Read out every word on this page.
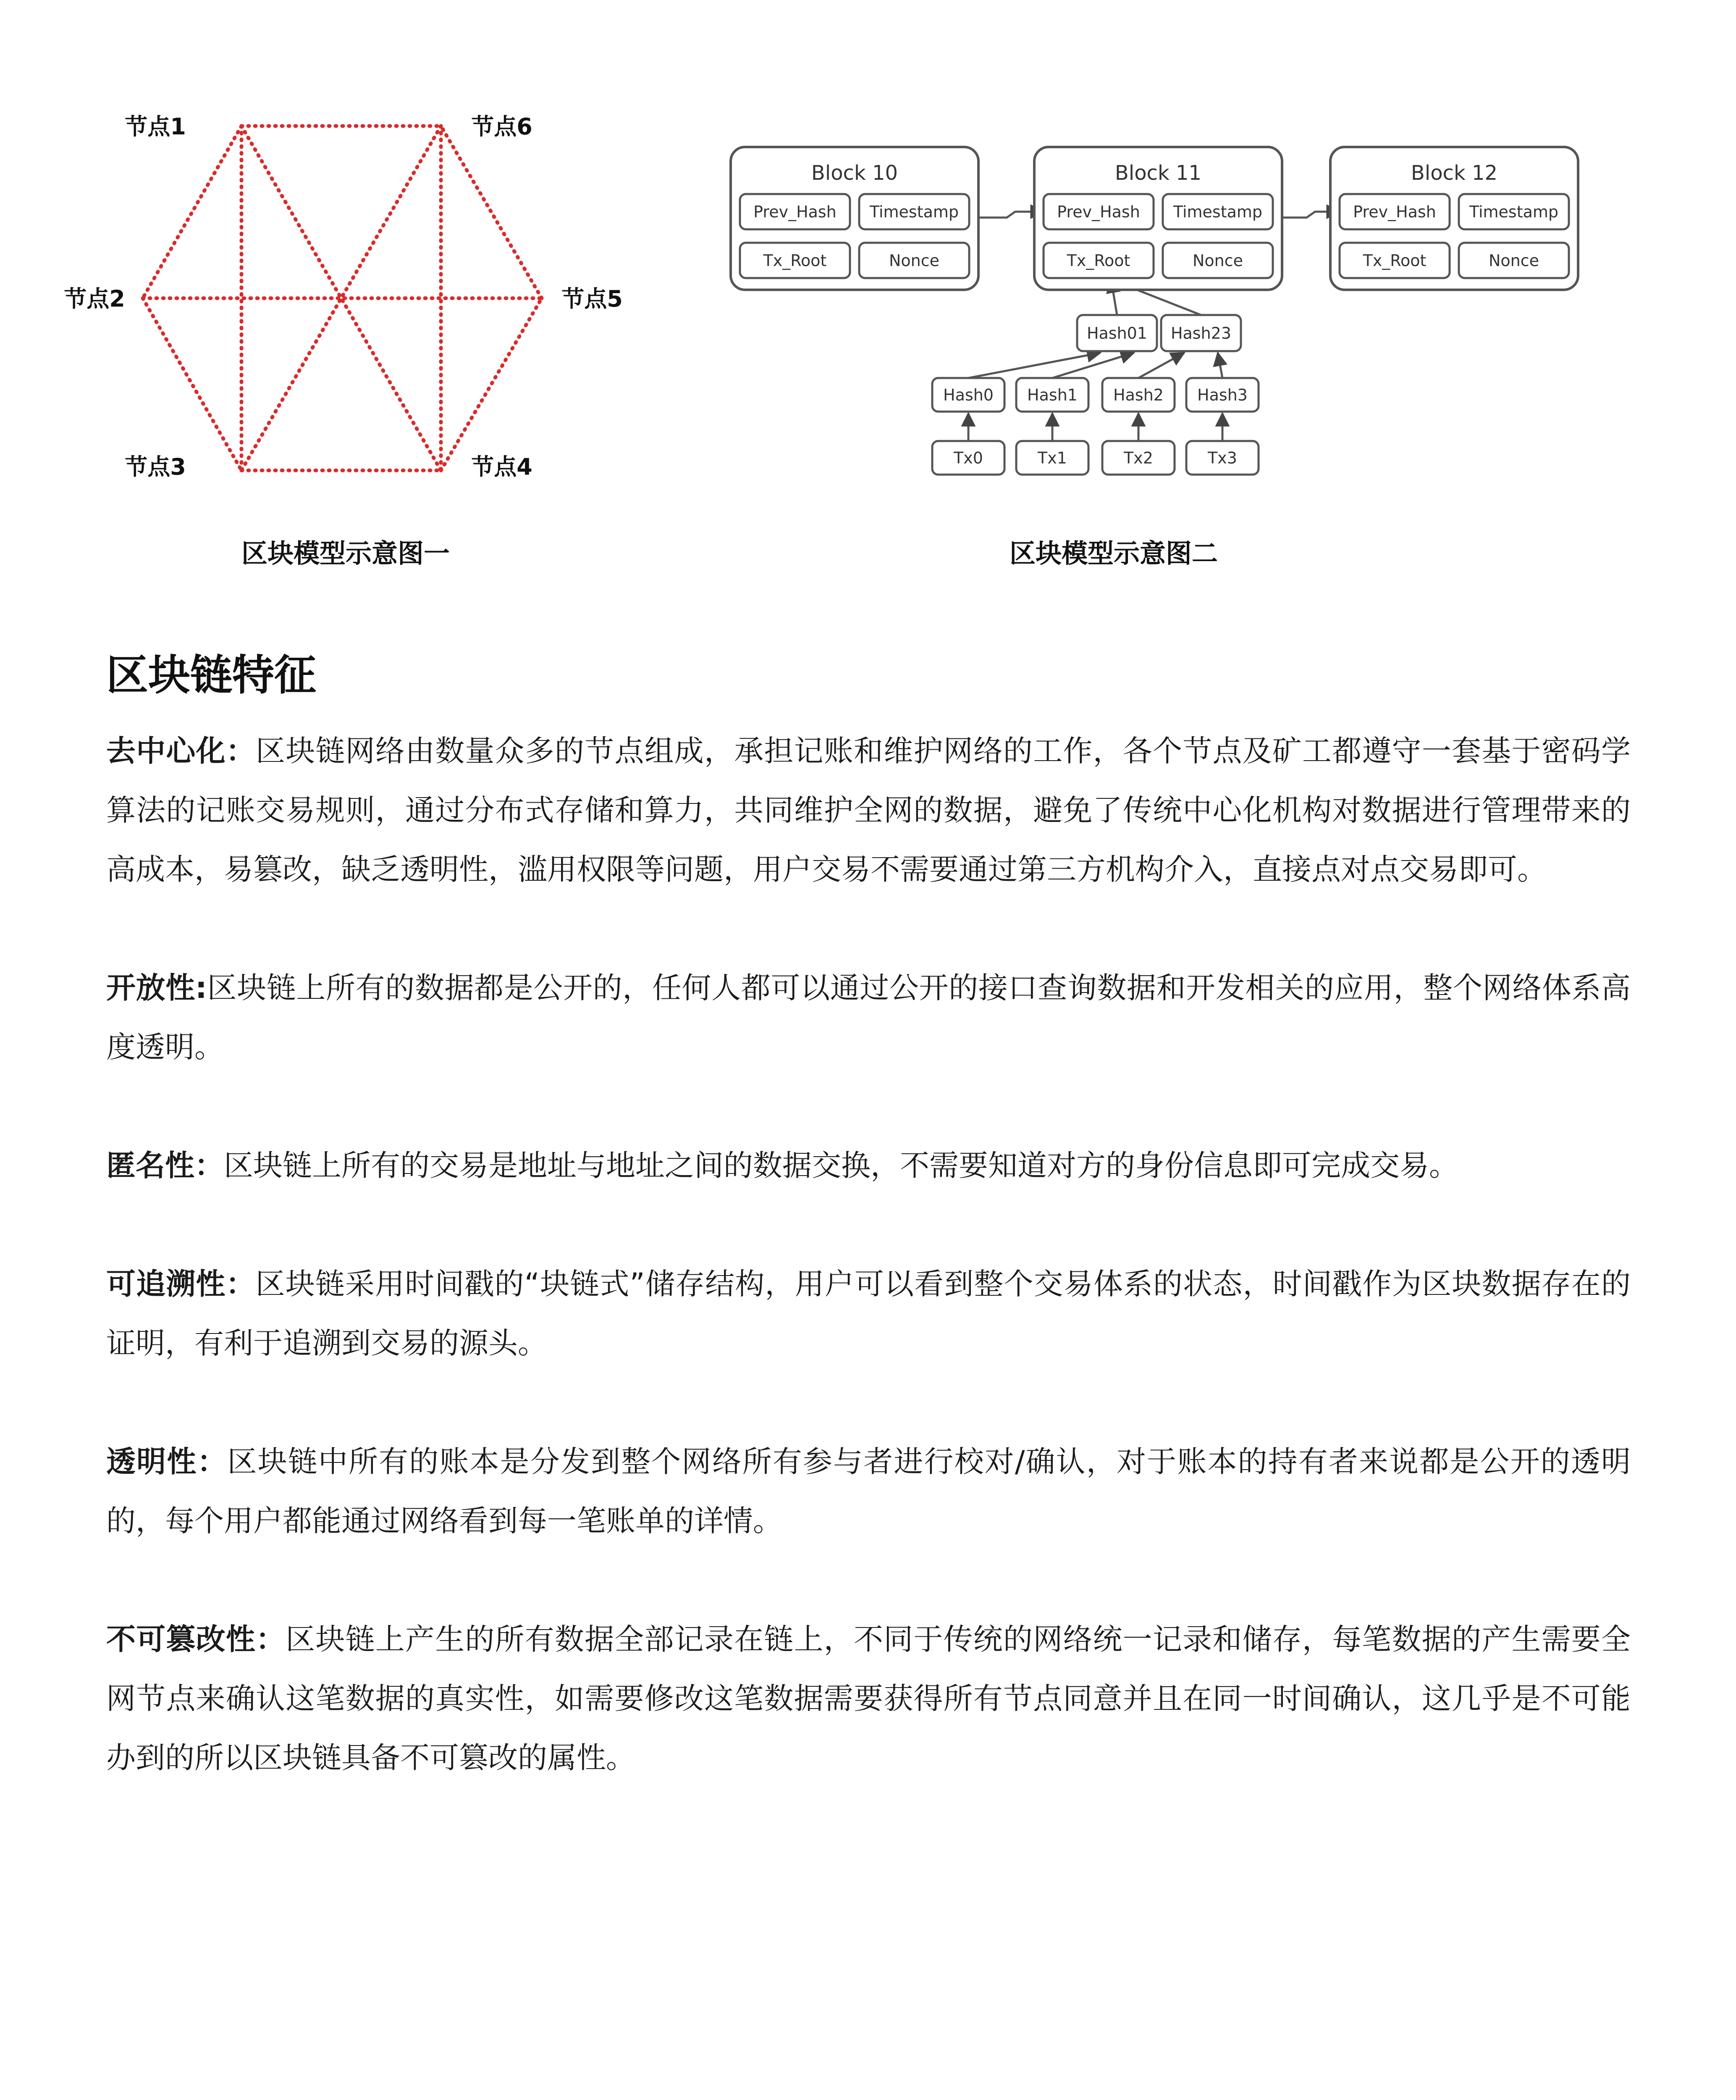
节点1	节点6
节点2	节点5
节点3	节点4
Block 10
Prev_Hash Timestamp
Tx_Root	Nonce
Block 11
Prev_Hash Timestamp
Tx_Root	Nonce
Block 12
Prev_Hash Timestamp
Tx_Root	Nonce
Hash01 Hash23
Hash0 Hash1 Hash2 Hash3
Tx0	Tx1	Tx2	Tx3
区块模型示意图一	区块模型示意图二
区块链特征

去中心化：区块链网络由数量众多的节点组成，承担记账和维护网络的工作，各个节点及矿工都遵守一套基于密码学算法的记账交易规则，通过分布式存储和算力，共同维护全网的数据，避免了传统中心化机构对数据进行管理带来的高成本，易篡改，缺乏透明性，滥用权限等问题，用户交易不需要通过第三方机构介入，直接点对点交易即可。

开放性:区块链上所有的数据都是公开的，任何人都可以通过公开的接口查询数据和开发相关的应用，整个网络体系高度透明。

匿名性：区块链上所有的交易是地址与地址之间的数据交换，不需要知道对方的身份信息即可完成交易。

可追溯性：区块链采用时间戳的“块链式”储存结构，用户可以看到整个交易体系的状态，时间戳作为区块数据存在的证明，有利于追溯到交易的源头。

透明性：区块链中所有的账本是分发到整个网络所有参与者进行校对/确认，对于账本的持有者来说都是公开的透明的，每个用户都能通过网络看到每一笔账单的详情。

不可篡改性：区块链上产生的所有数据全部记录在链上，不同于传统的网络统一记录和储存，每笔数据的产生需要全网节点来确认这笔数据的真实性，如需要修改这笔数据需要获得所有节点同意并且在同一时间确认，这几乎是不可能办到的所以区块链具备不可篡改的属性。
